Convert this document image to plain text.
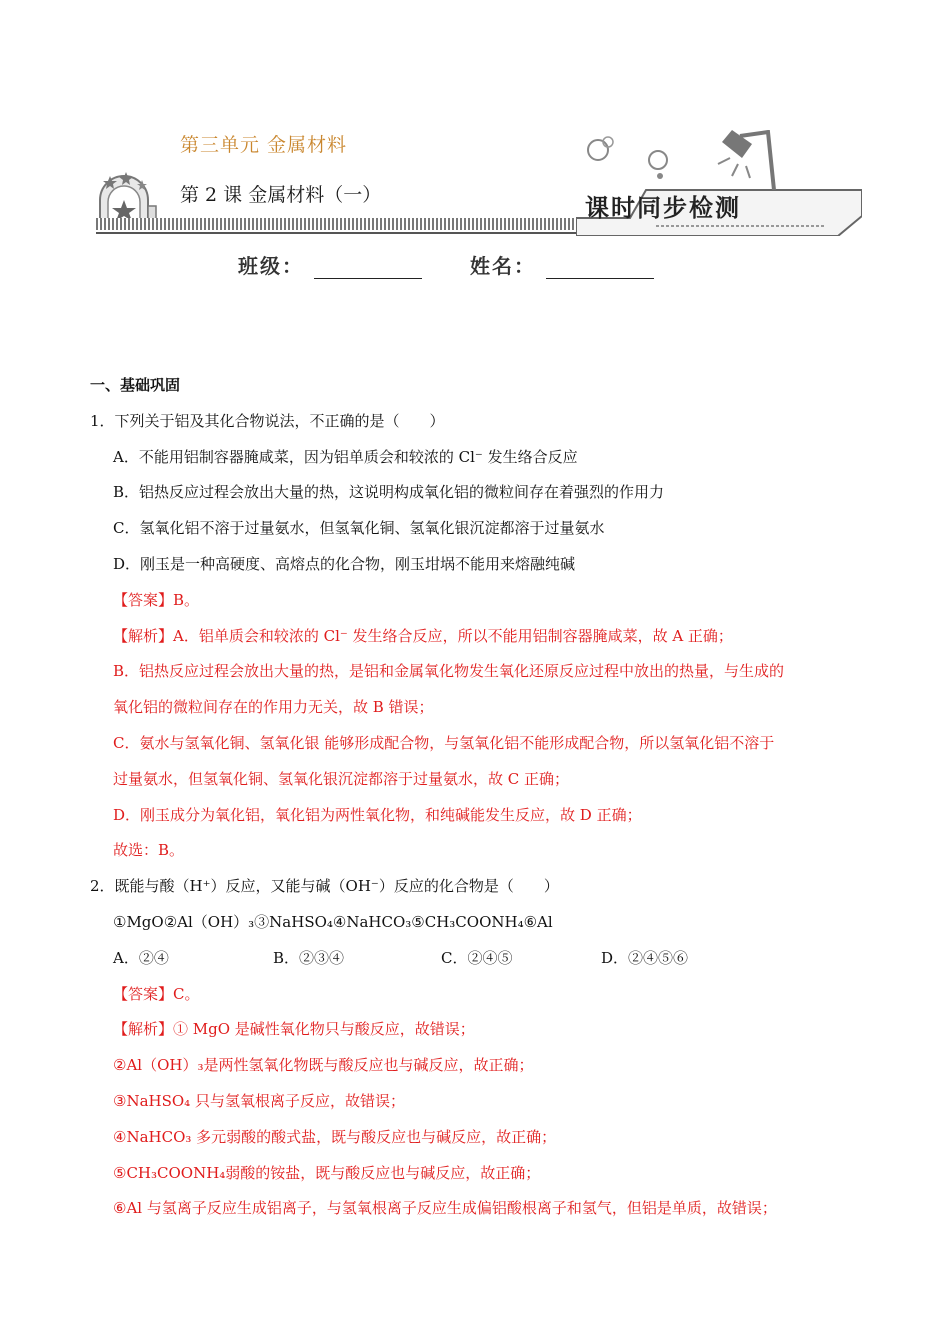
第三单元 金属材料
第 2 课 金属材料（一）	课时同步检测
班级：	姓名：
一、基础巩固
1．下列关于铝及其化合物说法，不正确的是（　　）
A．不能用铝制容器腌咸菜，因为铝单质会和较浓的 Cl⁻ 发生络合反应
B．铝热反应过程会放出大量的热，这说明构成氧化铝的微粒间存在着强烈的作用力
C．氢氧化铝不溶于过量氨水，但氢氧化铜、氢氧化银沉淀都溶于过量氨水
D．刚玉是一种高硬度、高熔点的化合物，刚玉坩埚不能用来熔融纯碱
【答案】B。
【解析】A．铝单质会和较浓的 Cl⁻ 发生络合反应，所以不能用铝制容器腌咸菜，故 A 正确；
B．铝热反应过程会放出大量的热，是铝和金属氧化物发生氧化还原反应过程中放出的热量，与生成的
氧化铝的微粒间存在的作用力无关，故 B 错误；
C．氨水与氢氧化铜、氢氧化银 能够形成配合物，与氢氧化铝不能形成配合物，所以氢氧化铝不溶于
过量氨水，但氢氧化铜、氢氧化银沉淀都溶于过量氨水，故 C 正确；
D．刚玉成分为氧化铝，氧化铝为两性氧化物，和纯碱能发生反应，故 D 正确；
故选：B。
2．既能与酸（H⁺）反应，又能与碱（OH⁻）反应的化合物是（　　）
①MgO②Al（OH）₃③NaHSO₄④NaHCO₃⑤CH₃COONH₄⑥Al
A．②④	B．②③④	C．②④⑤	D．②④⑤⑥
【答案】C。
【解析】① MgO 是碱性氧化物只与酸反应，故错误；
②Al（OH）₃是两性氢氧化物既与酸反应也与碱反应，故正确；
③NaHSO₄ 只与氢氧根离子反应，故错误；
④NaHCO₃ 多元弱酸的酸式盐，既与酸反应也与碱反应，故正确；
⑤CH₃COONH₄弱酸的铵盐，既与酸反应也与碱反应，故正确；
⑥Al 与氢离子反应生成铝离子，与氢氧根离子反应生成偏铝酸根离子和氢气，但铝是单质，故错误；
